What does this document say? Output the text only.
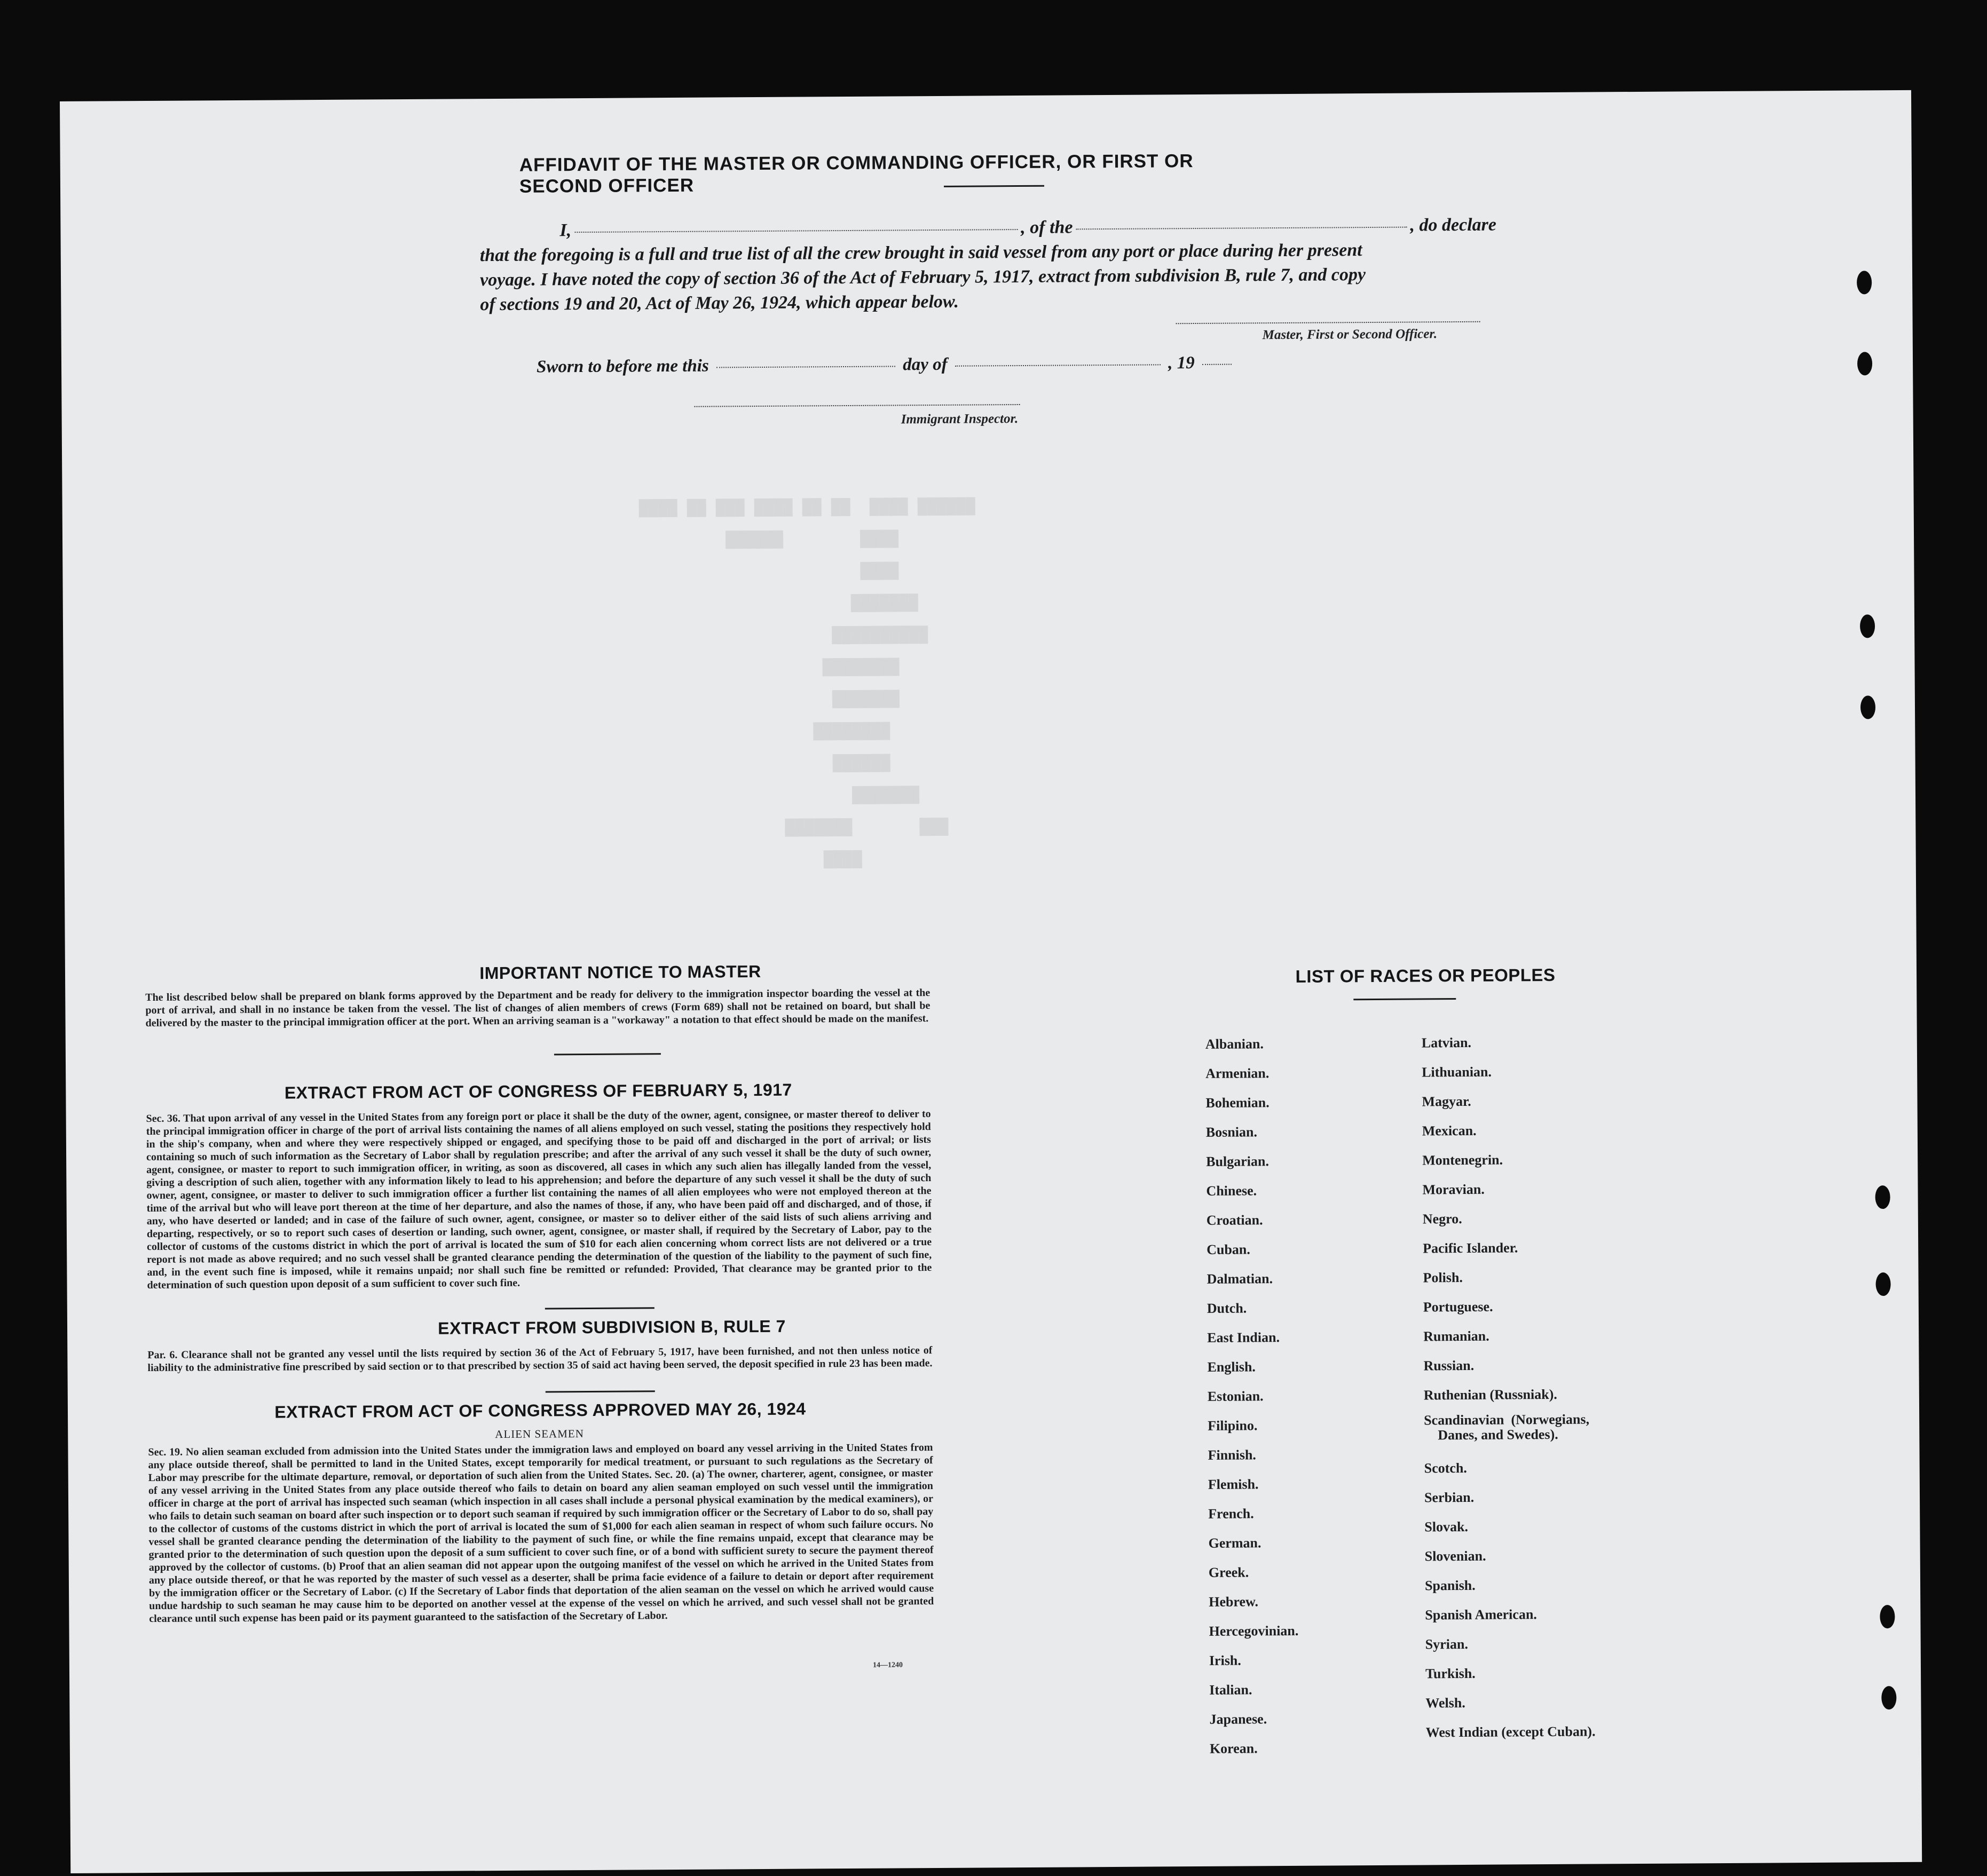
████ ██ ███ ████ ██ ██  ████ ██████
██████        ████
████
███████
██████████
████████
███████
████████
██████
███████
███████       ███
████

AFFIDAVIT OF THE MASTER OR COMMANDING OFFICER, OR FIRST OR SECOND OFFICER
I,	, of the	, do declare
that the foregoing is a full and true list of all the crew brought in said vessel from any port or place during her present
voyage. I have noted the copy of section 36 of the Act of February 5, 1917, extract from subdivision B, rule 7, and copy
of sections 19 and 20, Act of May 26, 1924, which appear below.
Master, First or Second Officer.
Sworn to before me this	day of	, 19
Immigrant Inspector.
IMPORTANT NOTICE TO MASTER
The list described below shall be prepared on blank forms approved by the Department and be ready for delivery to the immigration inspector boarding the vessel at the port of arrival, and shall in no instance be taken from the vessel. The list of changes of alien members of crews (Form 689) shall not be retained on board, but shall be delivered by the master to the principal immigration officer at the port. When an arriving seaman is a "workaway" a notation to that effect should be made on the manifest.
EXTRACT FROM ACT OF CONGRESS OF FEBRUARY 5, 1917
Sec. 36. That upon arrival of any vessel in the United States from any foreign port or place it shall be the duty of the owner, agent, consignee, or master thereof to deliver to the principal immigration officer in charge of the port of arrival lists containing the names of all aliens employed on such vessel, stating the positions they respectively hold in the ship's company, when and where they were respectively shipped or engaged, and specifying those to be paid off and discharged in the port of arrival; or lists containing so much of such information as the Secretary of Labor shall by regulation prescribe; and after the arrival of any such vessel it shall be the duty of such owner, agent, consignee, or master to report to such immigration officer, in writing, as soon as discovered, all cases in which any such alien has illegally landed from the vessel, giving a description of such alien, together with any information likely to lead to his apprehension; and before the departure of any such vessel it shall be the duty of such owner, agent, consignee, or master to deliver to such immigration officer a further list containing the names of all alien employees who were not employed thereon at the time of the arrival but who will leave port thereon at the time of her departure, and also the names of those, if any, who have been paid off and discharged, and of those, if any, who have deserted or landed; and in case of the failure of such owner, agent, consignee, or master so to deliver either of the said lists of such aliens arriving and departing, respectively, or so to report such cases of desertion or landing, such owner, agent, consignee, or master shall, if required by the Secretary of Labor, pay to the collector of customs of the customs district in which the port of arrival is located the sum of $10 for each alien concerning whom correct lists are not delivered or a true report is not made as above required; and no such vessel shall be granted clearance pending the determination of the question of the liability to the payment of such fine, and, in the event such fine is imposed, while it remains unpaid; nor shall such fine be remitted or refunded: Provided, That clearance may be granted prior to the determination of such question upon deposit of a sum sufficient to cover such fine.
EXTRACT FROM SUBDIVISION B, RULE 7
Par. 6. Clearance shall not be granted any vessel until the lists required by section 36 of the Act of February 5, 1917, have been furnished, and not then unless notice of liability to the administrative fine prescribed by said section or to that prescribed by section 35 of said act having been served, the deposit specified in rule 23 has been made.
EXTRACT FROM ACT OF CONGRESS APPROVED MAY 26, 1924
ALIEN SEAMEN
Sec. 19. No alien seaman excluded from admission into the United States under the immigration laws and employed on board any vessel arriving in the United States from any place outside thereof, shall be permitted to land in the United States, except temporarily for medical treatment, or pursuant to such regulations as the Secretary of Labor may prescribe for the ultimate departure, removal, or deportation of such alien from the United States. Sec. 20. (a) The owner, charterer, agent, consignee, or master of any vessel arriving in the United States from any place outside thereof who fails to detain on board any alien seaman employed on such vessel until the immigration officer in charge at the port of arrival has inspected such seaman (which inspection in all cases shall include a personal physical examination by the medical examiners), or who fails to detain such seaman on board after such inspection or to deport such seaman if required by such immigration officer or the Secretary of Labor to do so, shall pay to the collector of customs of the customs district in which the port of arrival is located the sum of $1,000 for each alien seaman in respect of whom such failure occurs. No vessel shall be granted clearance pending the determination of the liability to the payment of such fine, or while the fine remains unpaid, except that clearance may be granted prior to the determination of such question upon the deposit of a sum sufficient to cover such fine, or of a bond with sufficient surety to secure the payment thereof approved by the collector of customs. (b) Proof that an alien seaman did not appear upon the outgoing manifest of the vessel on which he arrived in the United States from any place outside thereof, or that he was reported by the master of such vessel as a deserter, shall be prima facie evidence of a failure to detain or deport after requirement by the immigration officer or the Secretary of Labor. (c) If the Secretary of Labor finds that deportation of the alien seaman on the vessel on which he arrived would cause undue hardship to such seaman he may cause him to be deported on another vessel at the expense of the vessel on which he arrived, and such vessel shall not be granted clearance until such expense has been paid or its payment guaranteed to the satisfaction of the Secretary of Labor.
14—1240
LIST OF RACES OR PEOPLES
Albanian.
Armenian.
Bohemian.
Bosnian.
Bulgarian.
Chinese.
Croatian.
Cuban.
Dalmatian.
Dutch.
East Indian.
English.
Estonian.
Filipino.
Finnish.
Flemish.
French.
German.
Greek.
Hebrew.
Hercegovinian.
Irish.
Italian.
Japanese.
Korean.
Latvian.
Lithuanian.
Magyar.
Mexican.
Montenegrin.
Moravian.
Negro.
Pacific Islander.
Polish.
Portuguese.
Rumanian.
Russian.
Ruthenian (Russniak).
Scandinavian  (Norwegians,
Danes, and Swedes).
Scotch.
Serbian.
Slovak.
Slovenian.
Spanish.
Spanish American.
Syrian.
Turkish.
Welsh.
West Indian (except Cuban).
